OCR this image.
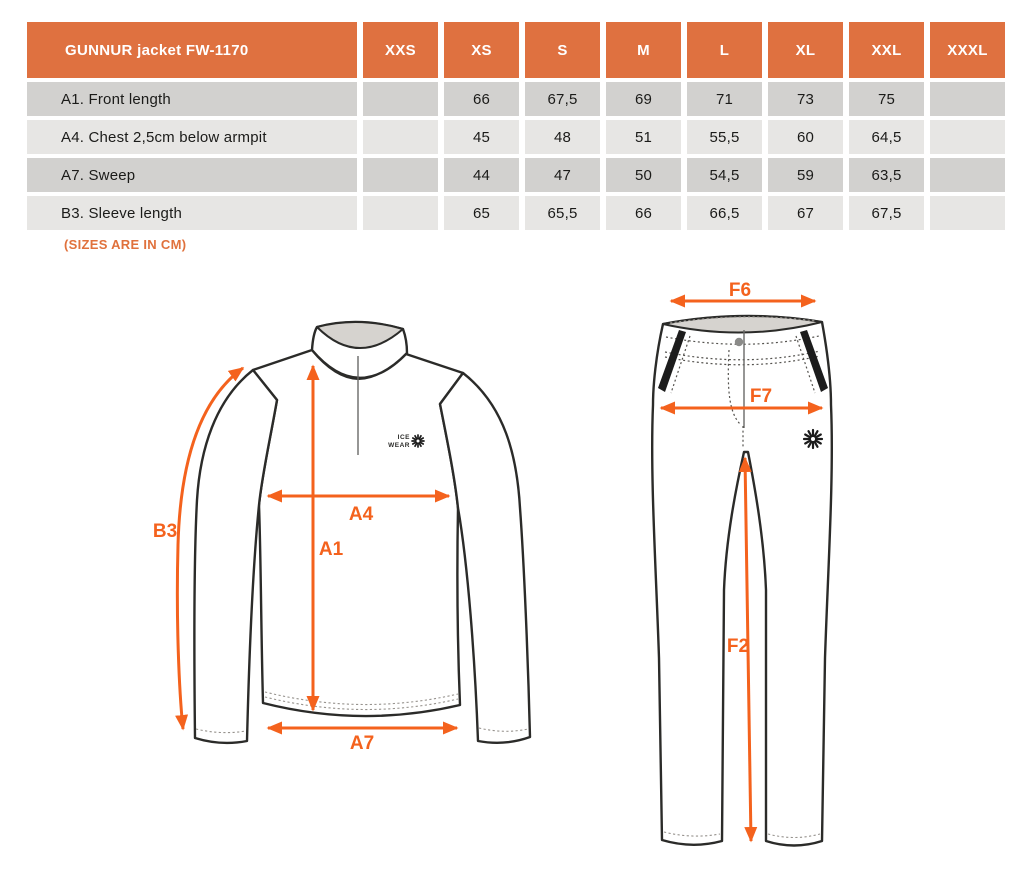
GUNNUR jacket FW-1170	XXS	XS	S	M	L	XL	XXL	XXXL
A1. Front length		66	67,5	69	71	73	75	
A4. Chest 2,5cm below armpit		45	48	51	55,5	60	64,5	
A7. Sweep		44	47	50	54,5	59	63,5	
B3. Sleeve length		65	65,5	66	66,5	67	67,5	
(SIZES ARE IN CM)
ICE
WEAR
B3
A1
A4
A7
F6
F7
F2
